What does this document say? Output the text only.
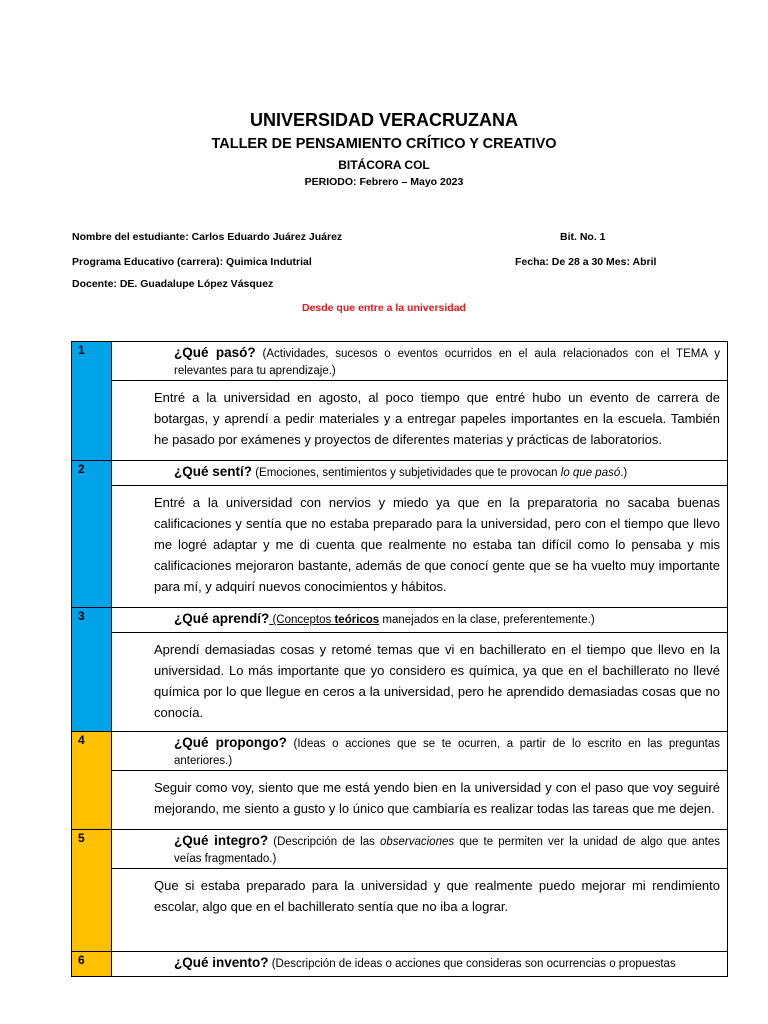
UNIVERSIDAD VERACRUZANA
TALLER DE PENSAMIENTO CRÍTICO Y CREATIVO
BITÁCORA COL
PERIODO: Febrero – Mayo 2023
Nombre del estudiante: Carlos Eduardo Juárez Juárez	Bit. No. 1
Programa Educativo (carrera): Quimica Indutrial	Fecha: De 28 a 30 Mes: Abril
Docente: DE. Guadalupe López Vásquez
Desde que entre a la universidad
1	¿Qué pasó? (Actividades, sucesos o eventos ocurridos en el aula relacionados con el TEMA y relevantes para tu aprendizaje.)

	Entré a la universidad en agosto, al poco tiempo que entré hubo un evento de carrera de botargas, y aprendí a pedir materiales y a entregar papeles importantes en la escuela. También he pasado por exámenes y proyectos de diferentes materias y prácticas de laboratorios.

2	¿Qué sentí? (Emociones, sentimientos y subjetividades que te provocan lo que pasó.)

	Entré a la universidad con nervios y miedo ya que en la preparatoria no sacaba buenas calificaciones y sentía que no estaba preparado para la universidad, pero con el tiempo que llevo me logré adaptar y me di cuenta que realmente no estaba tan difícil como lo pensaba y mis calificaciones mejoraron bastante, además de que conocí gente que se ha vuelto muy importante para mí, y adquirí nuevos conocimientos y hábitos.

3	¿Qué aprendí? (Conceptos teóricos manejados en la clase, preferentemente.)

	Aprendí demasiadas cosas y retomé temas que vi en bachillerato en el tiempo que llevo en la universidad. Lo más importante que yo considero es química, ya que en el bachillerato no llevé química por lo que llegue en ceros a la universidad, pero he aprendido demasiadas cosas que no conocía.

4	¿Qué propongo? (Ideas o acciones que se te ocurren, a partir de lo escrito en las preguntas anteriores.)

	Seguir como voy, siento que me está yendo bien en la universidad y con el paso que voy seguiré mejorando, me siento a gusto y lo único que cambiaría es realizar todas las tareas que me dejen.

5	¿Qué integro? (Descripción de las observaciones que te permiten ver la unidad de algo que antes veías fragmentado.)

	Que si estaba preparado para la universidad y que realmente puedo mejorar mi rendimiento escolar, algo que en el bachillerato sentía que no iba a lograr.

6	¿Qué invento? (Descripción de ideas o acciones que consideras son ocurrencias o propuestas
